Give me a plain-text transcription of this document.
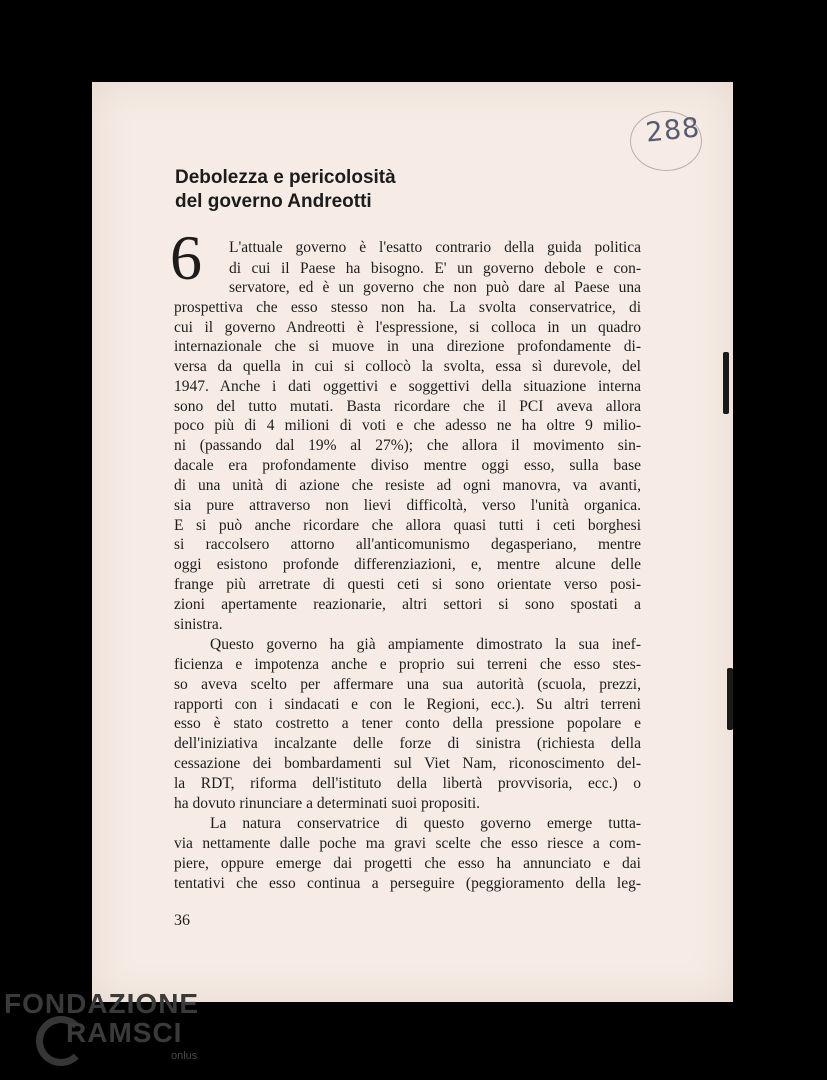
288
Debolezza e pericolosità
del governo Andreotti
6 L'attuale governo è l'esatto contrario della guida politica
di cui il Paese ha bisogno. E' un governo debole e con-
servatore, ed è un governo che non può dare al Paese una
prospettiva che esso stesso non ha. La svolta conservatrice, di
cui il governo Andreotti è l'espressione, si colloca in un quadro
internazionale che si muove in una direzione profondamente di-
versa da quella in cui si collocò la svolta, essa sì durevole, del
1947. Anche i dati oggettivi e soggettivi della situazione interna
sono del tutto mutati. Basta ricordare che il PCI aveva allora
poco più di 4 milioni di voti e che adesso ne ha oltre 9 milio-
ni (passando dal 19% al 27%); che allora il movimento sin-
dacale era profondamente diviso mentre oggi esso, sulla base
di una unità di azione che resiste ad ogni manovra, va avanti,
sia pure attraverso non lievi difficoltà, verso l'unità organica.
E si può anche ricordare che allora quasi tutti i ceti borghesi
si raccolsero attorno all'anticomunismo degasperiano, mentre
oggi esistono profonde differenziazioni, e, mentre alcune delle
frange più arretrate di questi ceti si sono orientate verso posi-
zioni apertamente reazionarie, altri settori si sono spostati a
sinistra.
Questo governo ha già ampiamente dimostrato la sua inef-
ficienza e impotenza anche e proprio sui terreni che esso stes-
so aveva scelto per affermare una sua autorità (scuola, prezzi,
rapporti con i sindacati e con le Regioni, ecc.). Su altri terreni
esso è stato costretto a tener conto della pressione popolare e
dell'iniziativa incalzante delle forze di sinistra (richiesta della
cessazione dei bombardamenti sul Viet Nam, riconoscimento del-
la RDT, riforma dell'istituto della libertà provvisoria, ecc.) o
ha dovuto rinunciare a determinati suoi propositi.
La natura conservatrice di questo governo emerge tutta-
via nettamente dalle poche ma gravi scelte che esso riesce a com-
piere, oppure emerge dai progetti che esso ha annunciato e dai
tentativi che esso continua a perseguire (peggioramento della leg-
36
FONDAZIONE
RAMSCI
onlus
